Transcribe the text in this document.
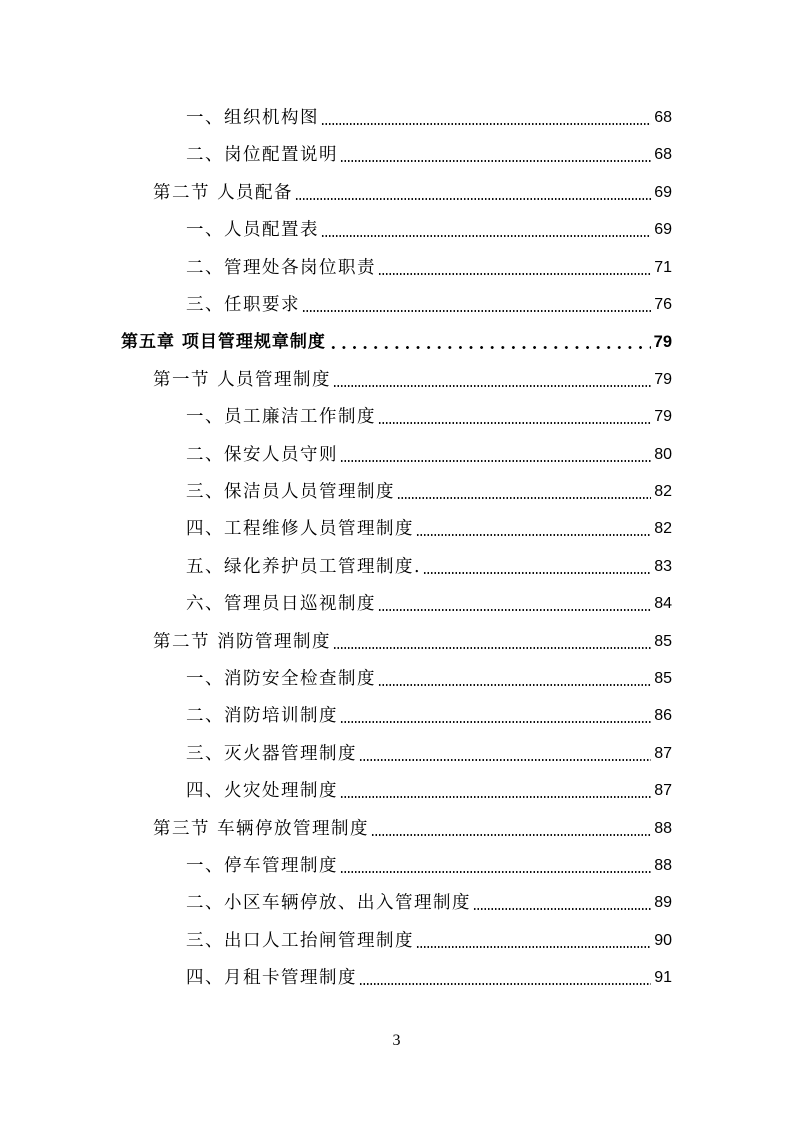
一、组织机构图	68
二、岗位配置说明	68
第二节 人员配备	69
一、人员配置表	69
二、管理处各岗位职责	71
三、任职要求	76
第五章 项目管理规章制度	79
第一节 人员管理制度	79
一、员工廉洁工作制度	79
二、保安人员守则	80
三、保洁员人员管理制度	82
四、工程维修人员管理制度	82
五、绿化养护员工管理制度.	83
六、管理员日巡视制度	84
第二节 消防管理制度	85
一、消防安全检查制度	85
二、消防培训制度	86
三、灭火器管理制度	87
四、火灾处理制度	87
第三节 车辆停放管理制度	88
一、停车管理制度	88
二、小区车辆停放、出入管理制度	89
三、出口人工抬闸管理制度	90
四、月租卡管理制度	91
3
